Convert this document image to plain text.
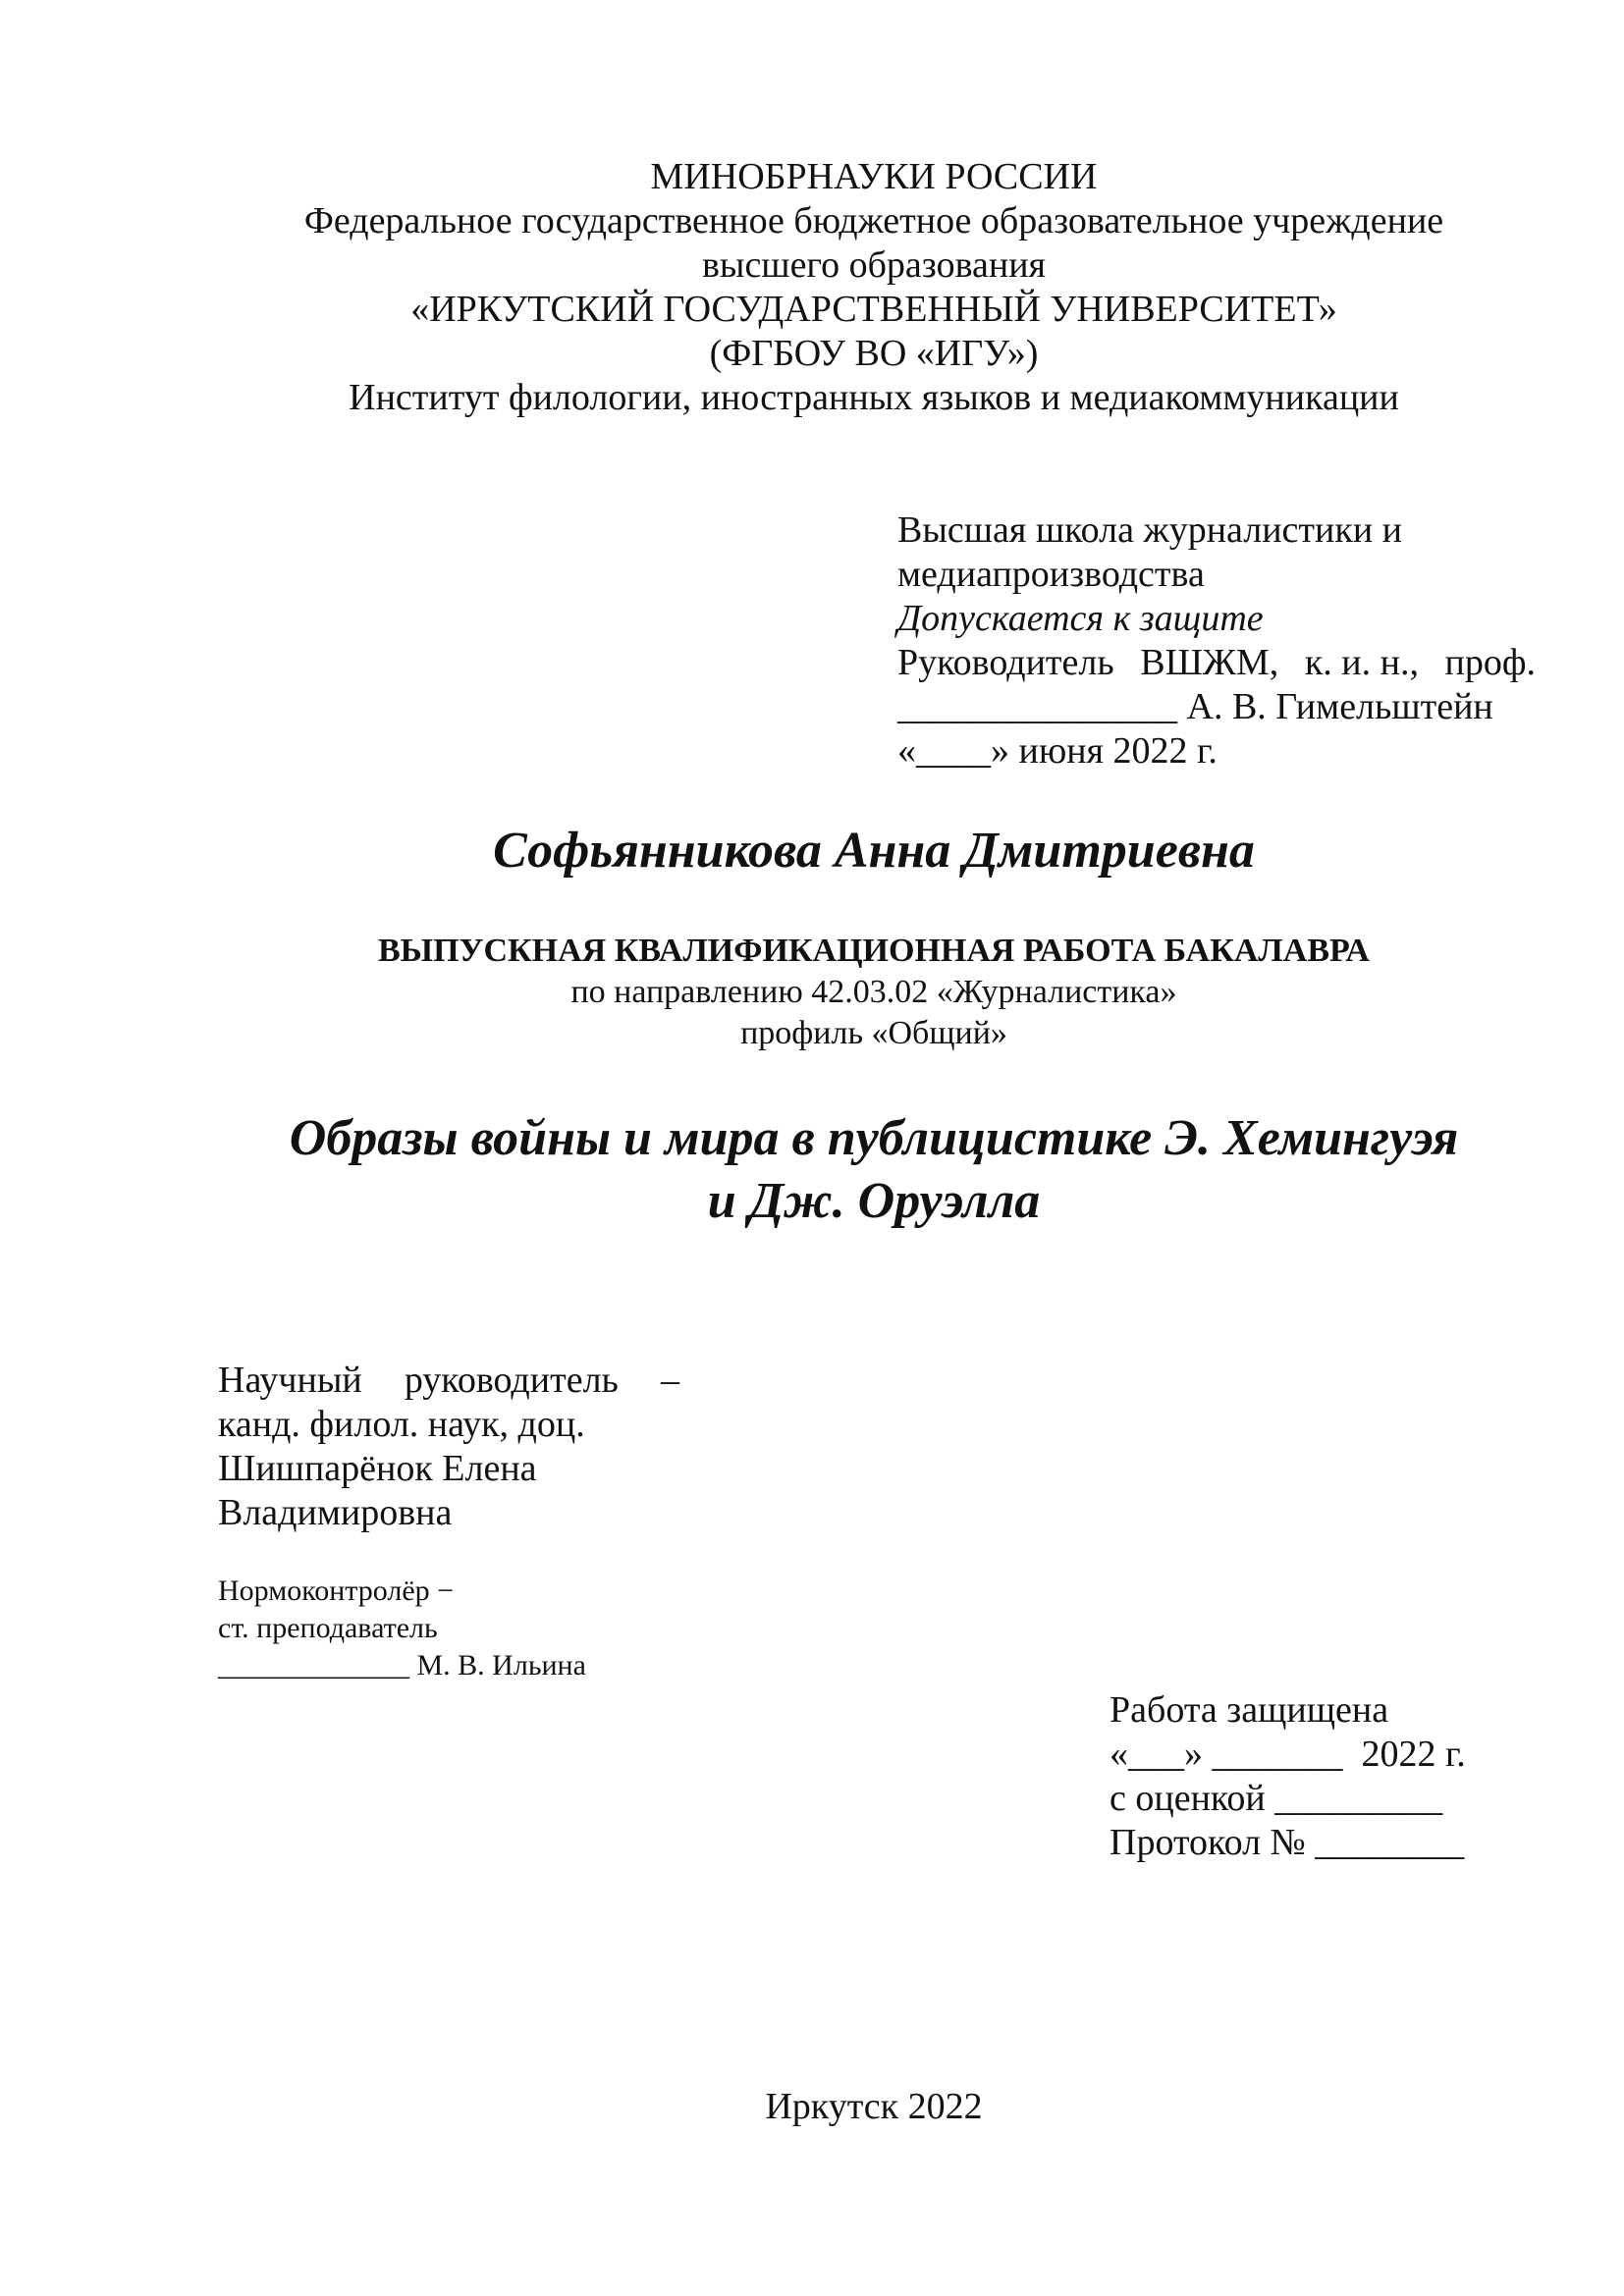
МИНОБРНАУКИ РОССИИ
Федеральное государственное бюджетное образовательное учреждение
высшего образования
«ИРКУТСКИЙ ГОСУДАРСТВЕННЫЙ УНИВЕРСИТЕТ»
(ФГБОУ ВО «ИГУ»)
Институт филологии, иностранных языков и медиакоммуникации
Высшая школа журналистики и
медиапроизводства
Допускается к защите
Руководитель ВШЖМ, к. и. н., проф.
_______________ А. В. Гимельштейн
«____» июня 2022 г.
Софьянникова Анна Дмитриевна
ВЫПУСКНАЯ КВАЛИФИКАЦИОННАЯ РАБОТА БАКАЛАВРА
по направлению 42.03.02 «Журналистика»
профиль «Общий»
Образы войны и мира в публицистике Э. Хемингуэя
и Дж. Оруэлла
Научный руководитель –
канд. филол. наук, доц.
Шишпарёнок Елена
Владимировна
Нормоконтролёр −
ст. преподаватель
_____________ М. В. Ильина
Работа защищена
«___» _______  2022 г.
с оценкой _________
Протокол № ________
Иркутск 2022
